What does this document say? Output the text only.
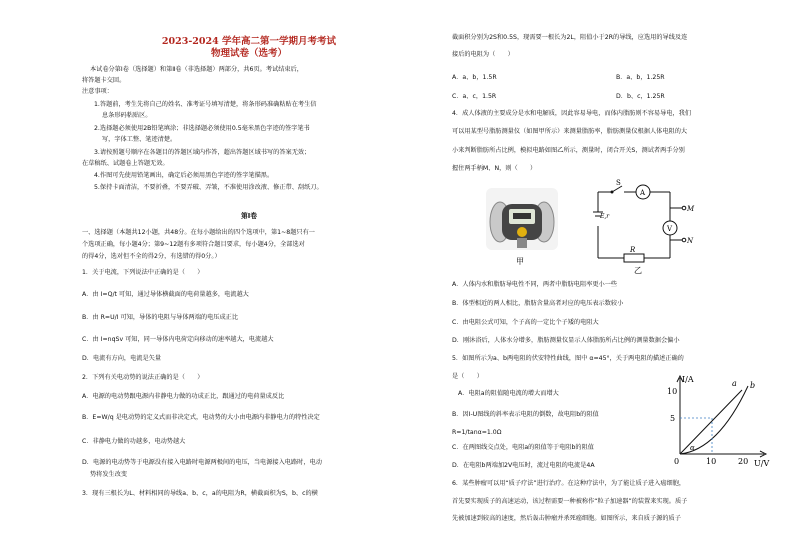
2023-2024 学年高二第一学期月考考试
物理试卷（选考）
本试卷分第Ⅰ卷（选择题）和第Ⅱ卷（非选择题）两部分，共6页。考试结束后，
将答题卡交回。
注意事项：
1.答题前，考生先将自己的姓名、准考证号填写清楚，将条形码准确粘贴在考生信
息条形码粘贴区。
2.选择题必须使用2B铅笔填涂；非选择题必须使用0.5毫米黑色字迹的签字笔书
写，字体工整、笔迹清楚。
3.请按照题号顺序在各题目的答题区域内作答，超出答题区域书写的答案无效；
在草稿纸、试题卷上答题无效。
4.作图可先使用铅笔画出，确定后必须用黑色字迹的签字笔描黑。
5.保持卡面清洁，不要折叠，不要弄破、弄皱，不准使用涂改液、修正带、刮纸刀。
第Ⅰ卷
一、选择题（本题共12小题，共48分。在每小题给出的四个选项中，第1~8题只有一
个选项正确，每小题4分；第9~12题有多项符合题目要求，每小题4分，全部选对
的得4分，选对但不全的得2分，有选错的得0分。）
1．关于电流，下列说法中正确的是（　　）
A．由 I=Q/t 可知，通过导体横截面的电荷量越多，电流越大
B．由 R=U/I 可知，导体的电阻与导体两端的电压成正比
C．由 I=nqSv 可知，同一导体内电荷定向移动的速率越大，电流越大
D．电流有方向，电流是矢量
2．下列有关电动势的说法正确的是（　　）
A．电源的电动势跟电源内非静电力做的功成正比，跟通过的电荷量成反比
B．E=W/q 是电动势的定义式而非决定式，电动势的大小由电源内非静电力的特性决定
C．非静电力做的功越多，电动势越大
D．电源的电动势等于电源没有接入电路时电源两极间的电压，当电源接入电路时，电动
势将发生改变
3．现有三根长为L、材料相同的导线a、b、c，a的电阻为R，横截面积为S，b、c的横
截面积分别为2S和0.5S，现需要一根长为2L，阻值小于2R的导线，应选用的导线及连
接后的电阻为（　　）
A．a、b，1.5R	B．a、b，1.25R
C．a、c，1.5R	D．b、c，1.25R
4．成人体液的主要成分是水和电解质，因此容易导电，而体内脂肪则不容易导电，我们
可以用某型号脂肪测量仪（如图甲所示）来测量脂肪率，脂肪测量仪根据人体电阻的大
小来判断脂肪所占比例，模拟电路如图乙所示，测量时，闭合开关S，测试者两手分别
握住两手柄M、N，则（　　）
甲
S
A
V
E,r
R
M
N
乙
A．人体内水和脂肪导电性不同，两者中脂肪电阻率更小一些
B．体型相近的两人相比，脂肪含量高者对应的电压表示数较小
C．由电阻公式可知，个子高的一定比个子矮的电阻大
D．刚沐浴后，人体水分增多，脂肪测量仪显示人体脂肪所占比例的测量数据会偏小
5．如图所示为a、b两电阻的伏安特性曲线，图中 α=45°，关于两电阻的描述正确的
是（　　）
A．电阻a的阻值随电流的增大而增大
B．因I-U图线的斜率表示电阻的倒数，故电阻b的阻值
R=1/tanα=1.0Ω
C．在两图线交点处，电阻a的阻值等于电阻b的阻值
D．在电阻b两端加2V电压时，流过电阻的电流是4A
I/A
U/V
10
5
0	10	20
a b
α
6．某些肿瘤可以用“质子疗法”进行治疗。在这种疗法中，为了能让质子进入癌细胞，
首先要实现质子的高速运动，该过程需要一种被称作“粒子加速器”的装置来实现。质子
先被加速到较高的速度，然后轰击肿瘤并杀死癌细胞。如图所示，来自质子源的质子
